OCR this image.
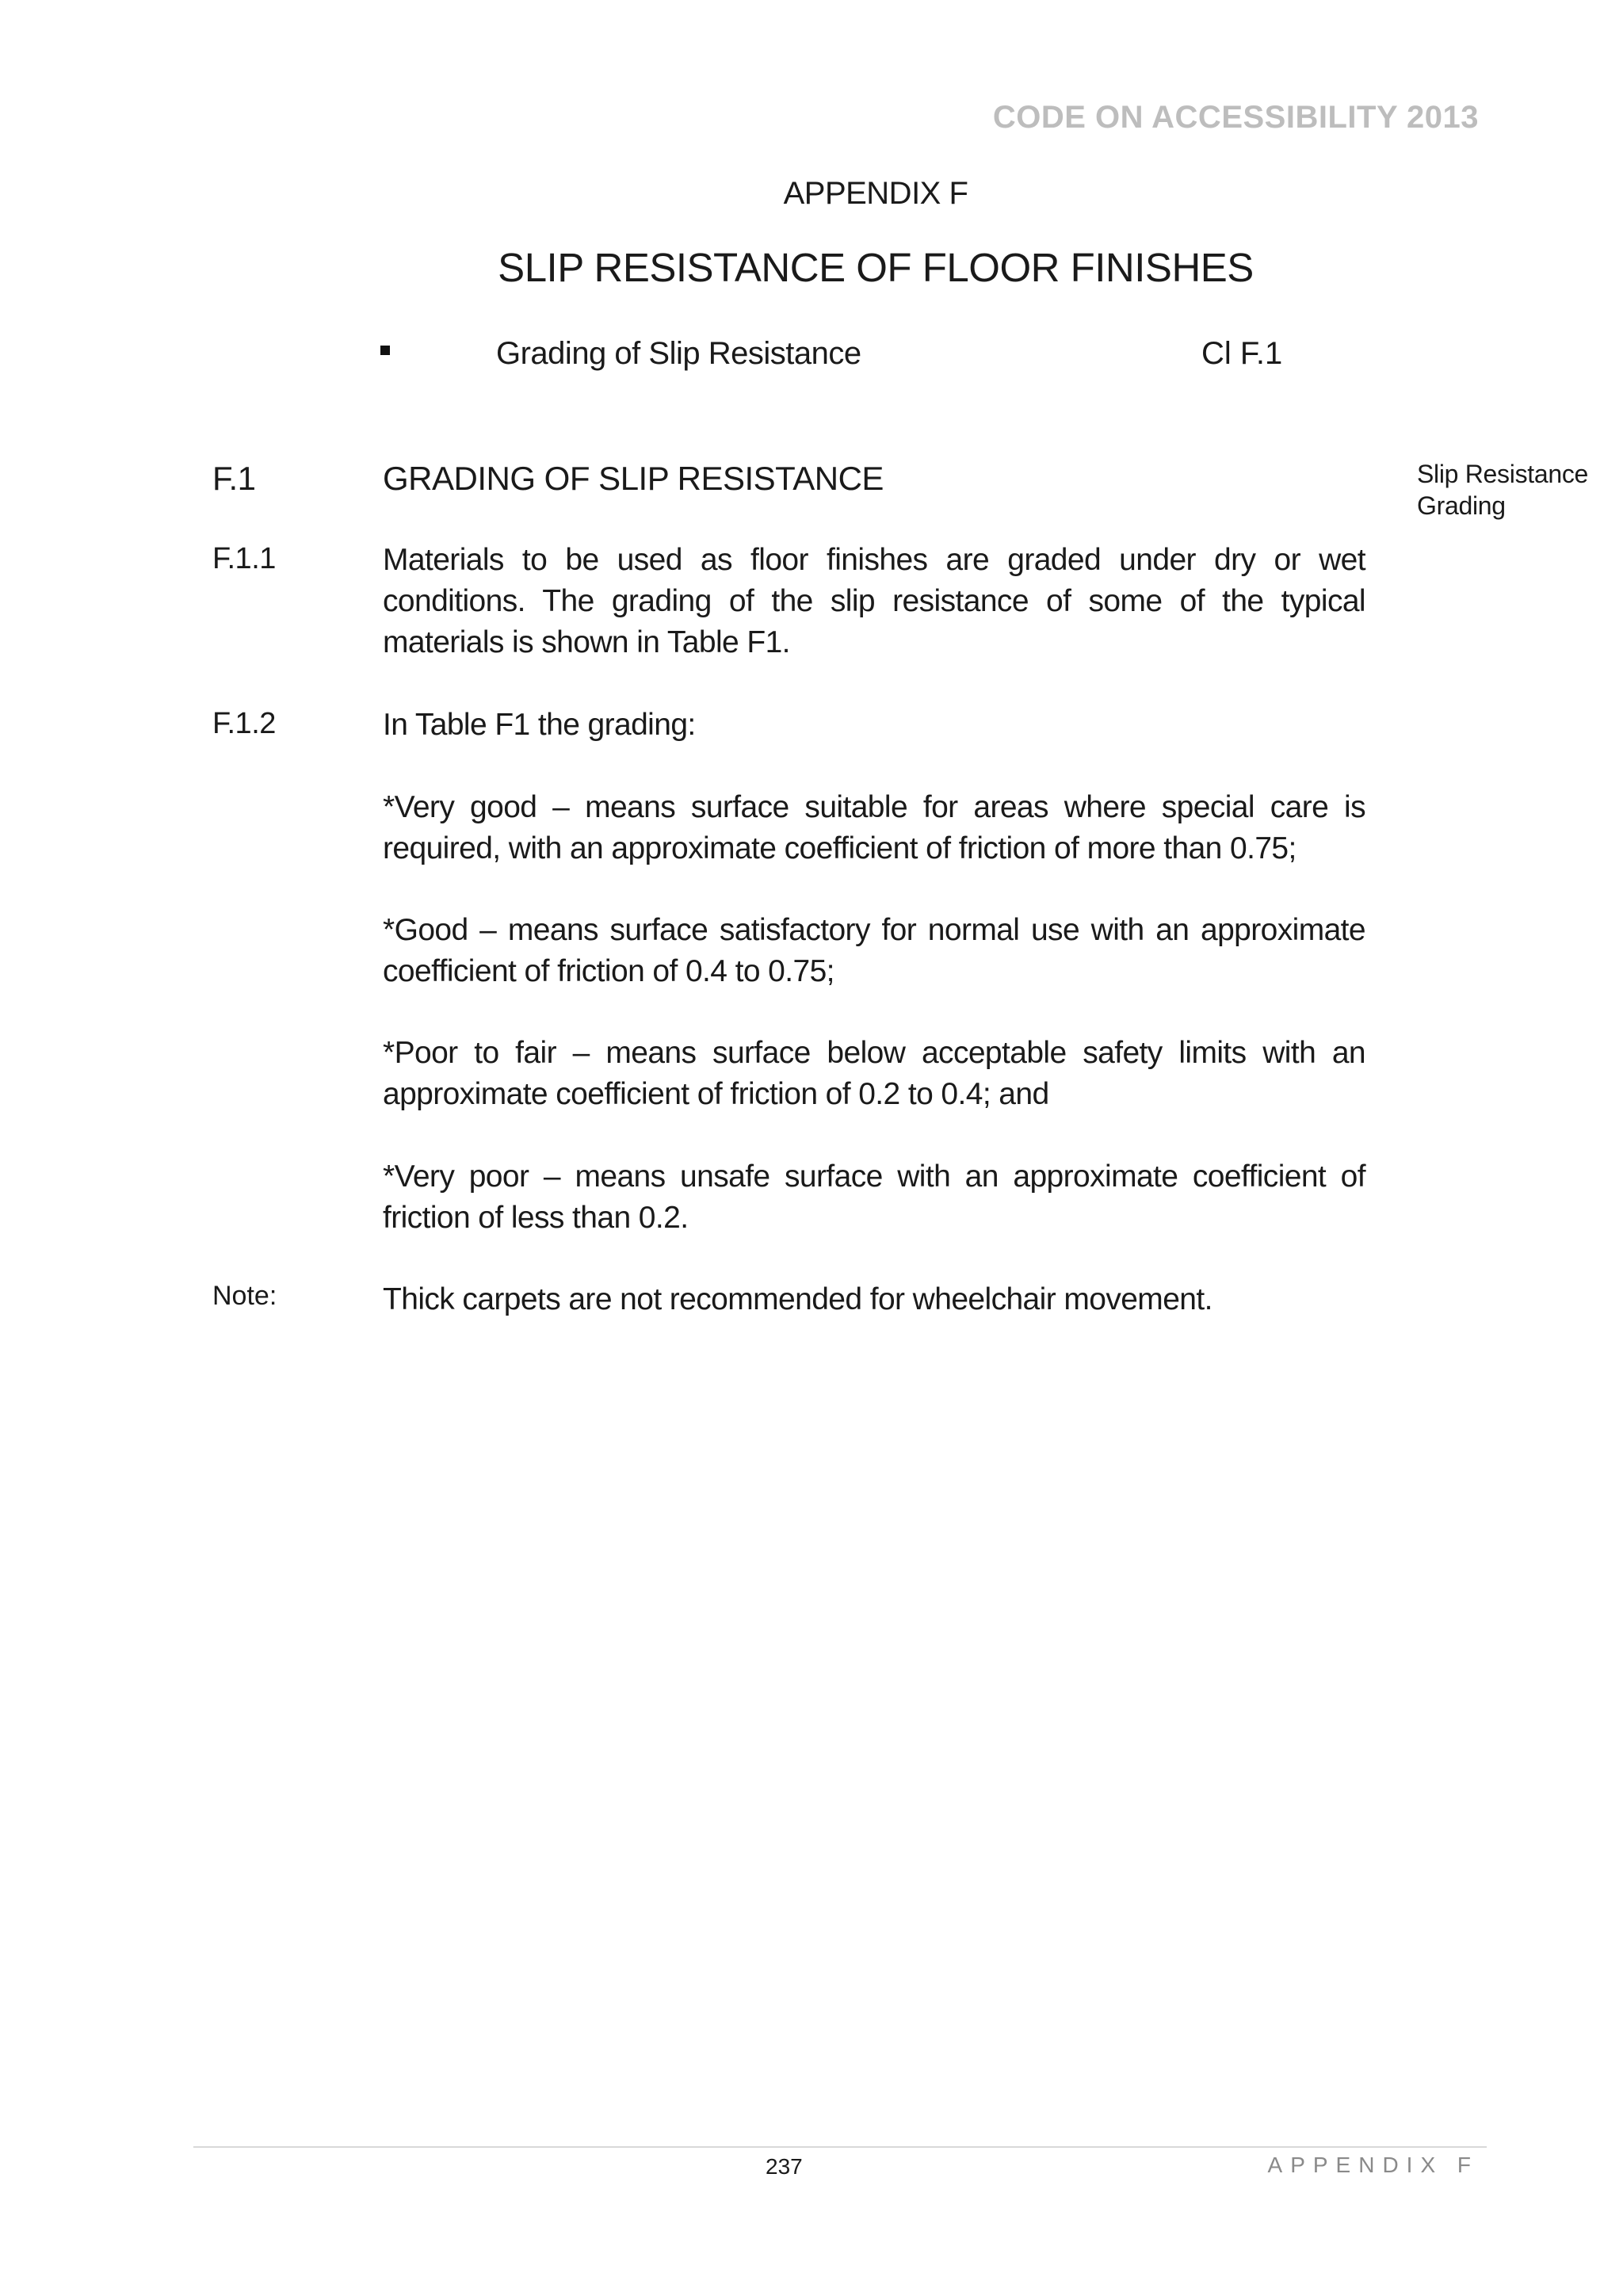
CODE ON ACCESSIBILITY 2013
APPENDIX F
SLIP RESISTANCE OF FLOOR FINISHES
Grading of Slip Resistance	Cl F.1
F.1	GRADING OF SLIP RESISTANCE	Slip Resistance
Grading
F.1.1	Materials to be used as floor finishes are graded under dry or wet conditions. The grading of the slip resistance of some of the typical materials is shown in Table F1.
F.1.2	In Table F1 the grading:
*Very good – means surface suitable for areas where special care is required, with an approximate coefficient of friction of more than 0.75;
*Good – means surface satisfactory for normal use with an approximate coefficient of friction of 0.4 to 0.75;
*Poor to fair – means surface below acceptable safety limits with an approximate coefficient of friction of 0.2 to 0.4; and
*Very poor – means unsafe surface with an approximate coefficient of friction of less than 0.2.
Note:	Thick carpets are not recommended for wheelchair movement.
237	APPENDIX F
